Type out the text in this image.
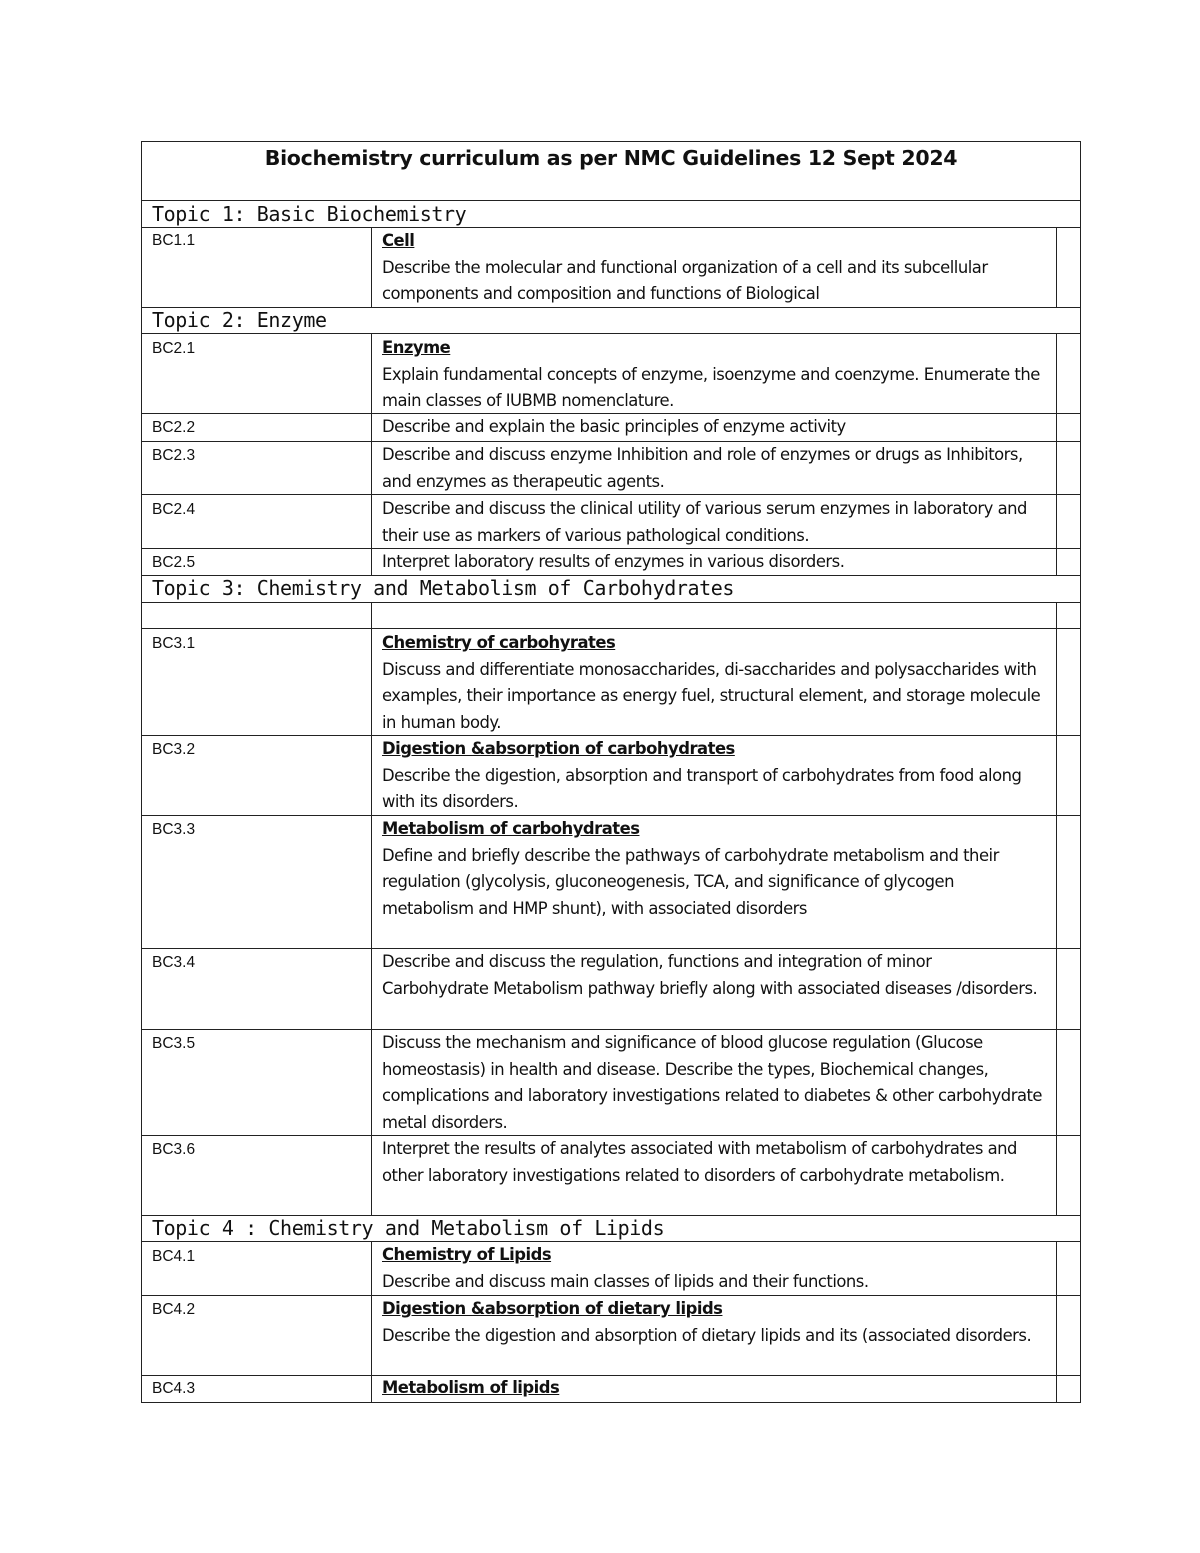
Biochemistry curriculum as per NMC Guidelines 12 Sept 2024
Topic 1: Basic Biochemistry
Topic 2: Enzyme
Topic 3: Chemistry and Metabolism of Carbohydrates
Topic 4 : Chemistry and Metabolism of Lipids
BC1.1
BC2.1
BC2.2
BC2.3
BC2.4
BC2.5
BC3.1
BC3.2
BC3.3
BC3.4
BC3.5
BC3.6
BC4.1
BC4.2
BC4.3
Cell
Describe the molecular and functional organization of a cell and its subcellular components and composition and functions of Biological
Enzyme
Explain fundamental concepts of enzyme, isoenzyme and coenzyme. Enumerate the main classes of IUBMB nomenclature.
Describe and explain the basic principles of enzyme activity
Describe and discuss enzyme Inhibition and role of enzymes or drugs as Inhibitors, and enzymes as therapeutic agents.
Describe and discuss the clinical utility of various serum enzymes in laboratory and their use as markers of various pathological conditions.
Interpret laboratory results of enzymes in various disorders.
Chemistry of carbohyrates
Discuss and differentiate monosaccharides, di-saccharides and polysaccharides with examples, their importance as energy fuel, structural element, and storage molecule in human body.
Digestion &absorption of carbohydrates
Describe the digestion, absorption and transport of carbohydrates from food along with its disorders.
Metabolism of carbohydrates
Define and briefly describe the pathways of carbohydrate metabolism and their regulation (glycolysis, gluconeogenesis, TCA, and significance of glycogen metabolism and HMP shunt), with associated disorders
Describe and discuss the regulation, functions and integration of minor Carbohydrate Metabolism pathway briefly along with associated diseases /disorders.
Discuss the mechanism and significance of blood glucose regulation (Glucose homeostasis) in health and disease. Describe the types, Biochemical changes, complications and laboratory investigations related to diabetes & other carbohydrate metal disorders.
Interpret the results of analytes associated with metabolism of carbohydrates and other laboratory investigations related to disorders of carbohydrate metabolism.
Chemistry of Lipids
Describe and discuss main classes of lipids and their functions.
Digestion &absorption of dietary lipids
Describe the digestion and absorption of dietary lipids and its (associated disorders.
Metabolism of lipids
